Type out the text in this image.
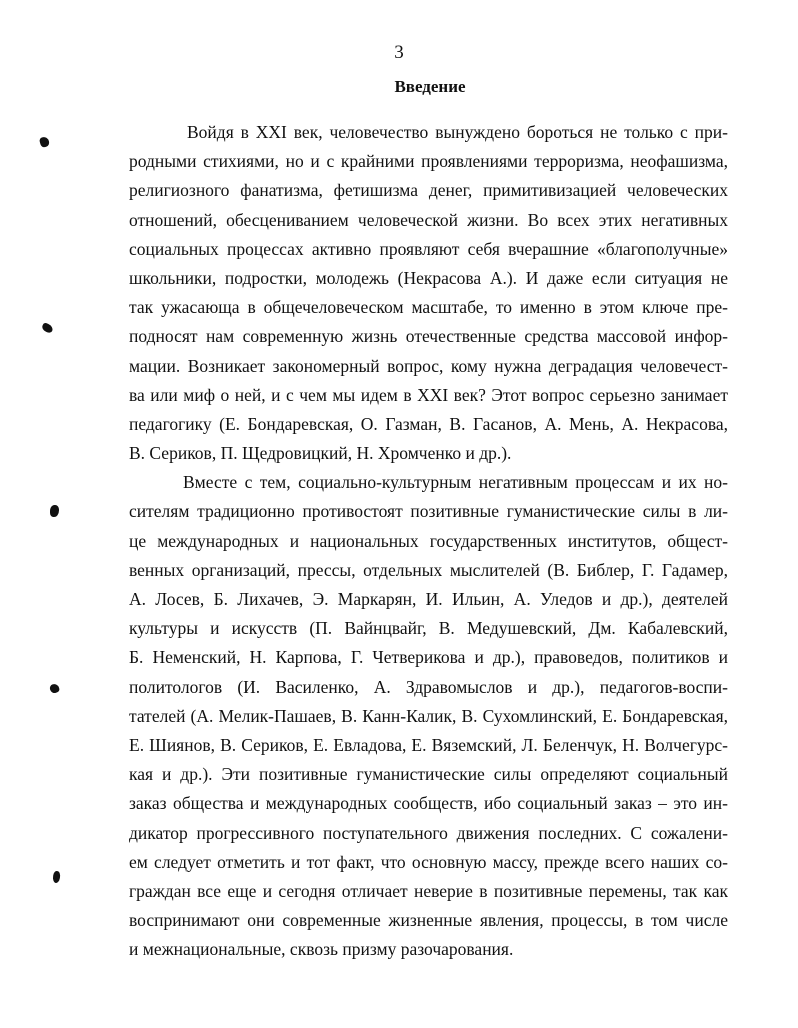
3
Введение
Войдя в XXI век, человечество вынуждено бороться не только с при-
родными стихиями, но и с крайними проявлениями терроризма, неофашизма,
религиозного фанатизма, фетишизма денег, примитивизацией человеческих
отношений, обесцениванием человеческой жизни. Во всех этих негативных
социальных процессах активно проявляют себя вчерашние «благополучные»
школьники, подростки, молодежь (Некрасова А.). И даже если ситуация не
так ужасающа в общечеловеческом масштабе, то именно в этом ключе пре-
подносят нам современную жизнь отечественные средства массовой инфор-
мации. Возникает закономерный вопрос, кому нужна деградация человечест-
ва или миф о ней, и с чем мы идем в XXI век? Этот вопрос серьезно занимает
педагогику (Е. Бондаревская, О. Газман, В. Гасанов, А. Мень, А. Некрасова,
В. Сериков, П. Щедровицкий, Н. Хромченко и др.).
Вместе с тем, социально-культурным негативным процессам и их но-
сителям традиционно противостоят позитивные гуманистические силы в ли-
це международных и национальных государственных институтов, общест-
венных организаций, прессы, отдельных мыслителей (В. Библер, Г. Гадамер,
А. Лосев, Б. Лихачев, Э. Маркарян, И. Ильин, А. Уледов и др.), деятелей
культуры и искусств (П. Вайнцвайг, В. Медушевский, Дм. Кабалевский,
Б. Неменский, Н. Карпова, Г. Четверикова и др.), правоведов, политиков и
политологов (И. Василенко, А. Здравомыслов и др.), педагогов-воспи-
тателей (А. Мелик-Пашаев, В. Канн-Калик, В. Сухомлинский, Е. Бондаревская,
Е. Шиянов, В. Сериков, Е. Евладова, Е. Вяземский, Л. Беленчук, Н. Волчегурс-
кая и др.). Эти позитивные гуманистические силы определяют социальный
заказ общества и международных сообществ, ибо социальный заказ – это ин-
дикатор прогрессивного поступательного движения последних. С сожалени-
ем следует отметить и тот факт, что основную массу, прежде всего наших со-
граждан все еще и сегодня отличает неверие в позитивные перемены, так как
воспринимают они современные жизненные явления, процессы, в том числе
и межнациональные, сквозь призму разочарования.
